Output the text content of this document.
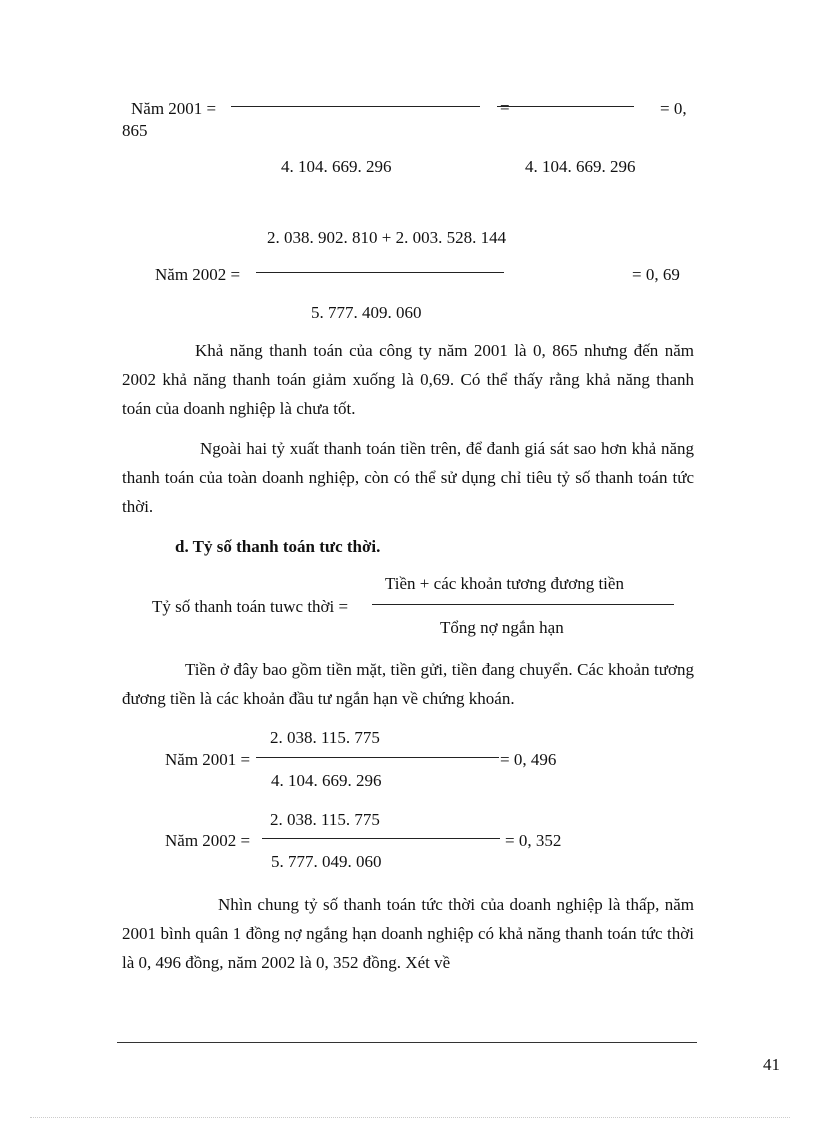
Năm 2001 =	=	= 0,
865
4. 104. 669. 296	4. 104. 669. 296
2. 038. 902. 810 + 2. 003. 528. 144
Năm 2002 =	= 0, 69
5. 777. 409. 060
Khả năng thanh toán của công ty năm 2001 là 0, 865 nhưng đến năm 2002 khả năng thanh toán giảm xuống là 0,69. Có thể thấy rằng khả năng thanh toán của doanh nghiệp là chưa tốt.
Ngoài hai tỷ xuất thanh toán tiền trên, để đanh giá sát sao hơn khả năng thanh toán của toàn doanh nghiệp, còn có thể sử dụng chỉ tiêu tỷ số thanh toán tức thời.
d. Tỷ số thanh toán tưc thời.
Tiền + các khoản tương đương tiền
Tỷ số thanh toán tuwc thời =
Tổng nợ ngắn hạn
Tiền ở đây bao gồm tiền mặt, tiền gửi, tiền đang chuyển. Các khoản tương đương tiền là các khoản đầu tư ngắn hạn về chứng khoán.
2. 038. 115. 775
Năm 2001 =	= 0, 496
4. 104. 669. 296
2. 038. 115. 775
Năm 2002 =	= 0, 352
5. 777. 049. 060
Nhìn chung tỷ số thanh toán tức thời của doanh nghiệp là thấp, năm 2001 bình quân 1 đồng nợ ngắng hạn doanh nghiệp có khả năng thanh toán tức thời là 0, 496 đồng, năm 2002 là 0, 352 đồng. Xét về
41
